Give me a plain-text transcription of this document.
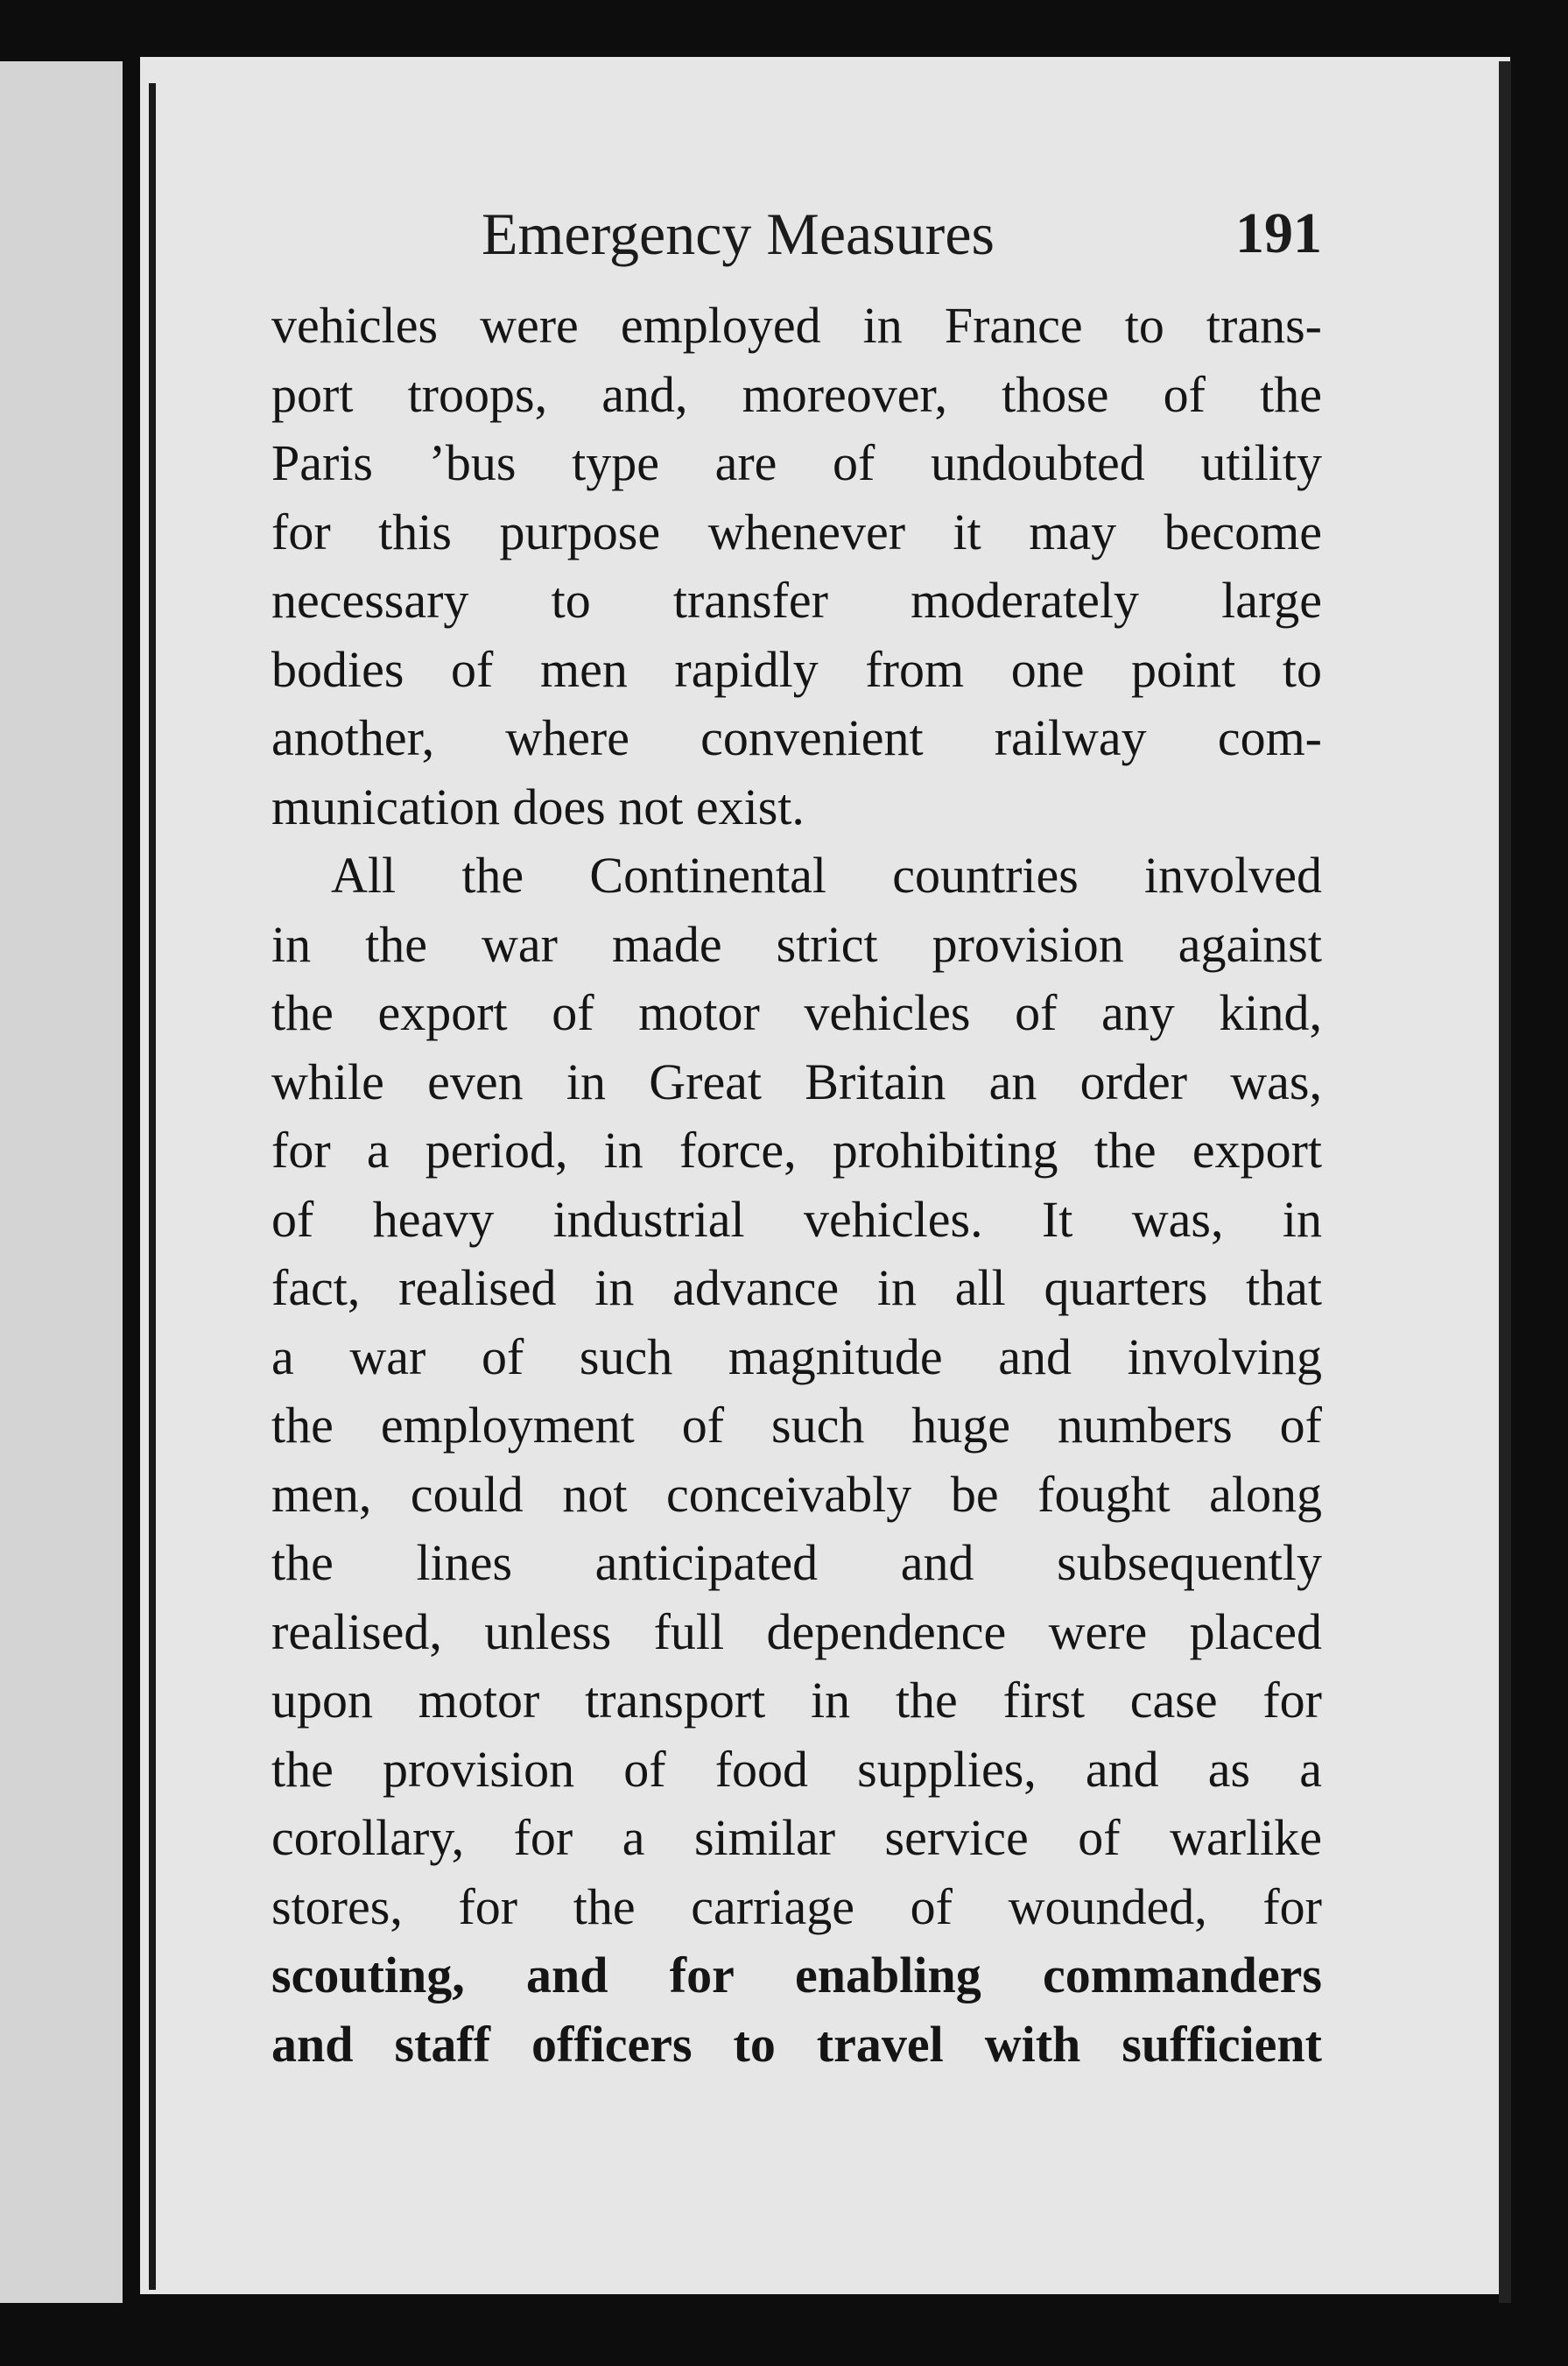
Emergency Measures	191
vehicles were employed in France to trans-
port troops, and, moreover, those of the
Paris ’bus type are of undoubted utility
for this purpose whenever it may become
necessary to transfer moderately large
bodies of men rapidly from one point to
another, where convenient railway com-
munication does not exist.
All the Continental countries involved
in the war made strict provision against
the export of motor vehicles of any kind,
while even in Great Britain an order was,
for a period, in force, prohibiting the export
of heavy industrial vehicles. It was, in
fact, realised in advance in all quarters that
a war of such magnitude and involving
the employment of such huge numbers of
men, could not conceivably be fought along
the lines anticipated and subsequently
realised, unless full dependence were placed
upon motor transport in the first case for
the provision of food supplies, and as a
corollary, for a similar service of warlike
stores, for the carriage of wounded, for
scouting, and for enabling commanders
and staff officers to travel with sufficient
